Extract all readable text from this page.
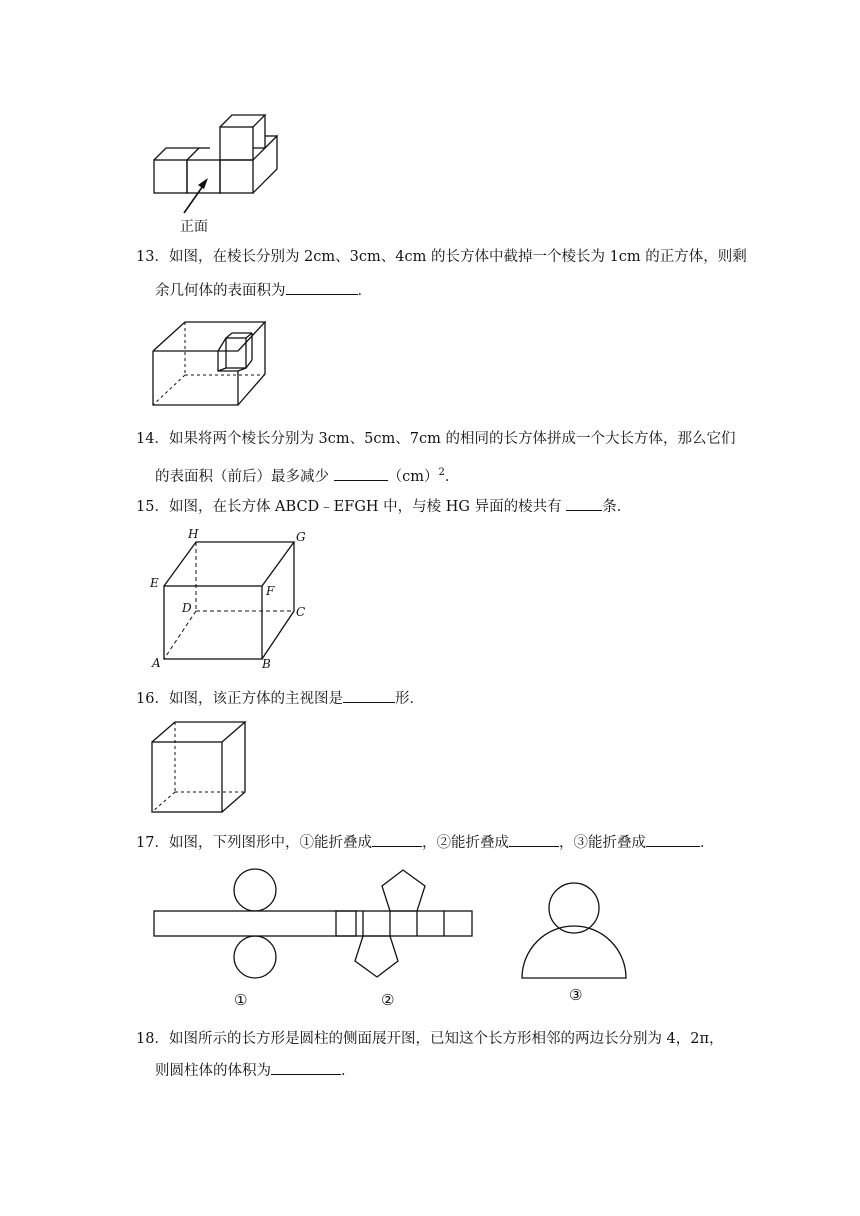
正面
13．如图，在棱长分别为 2cm、3cm、4cm 的长方体中截掉一个棱长为 1cm 的正方体，则剩
余几何体的表面积为	．
14．如果将两个棱长分别为 3cm、5cm、7cm 的相同的长方体拼成一个大长方体，那么它们
的表面积（前后）最多减少	（cm）$^2$．
15．如图，在长方体 ABCD﹣EFGH 中，与棱 HG 异面的棱共有 条．
H	G
E
F
D	C
A	B
16．如图，该正方体的主视图是	形．
17．如图，下列图形中，①能折叠成	，②能折叠成	，③能折叠成	．
①	②	③
18．如图所示的长方形是圆柱的侧面展开图，已知这个长方形相邻的两边长分别为 4，2π，
则圆柱体的体积为	．
